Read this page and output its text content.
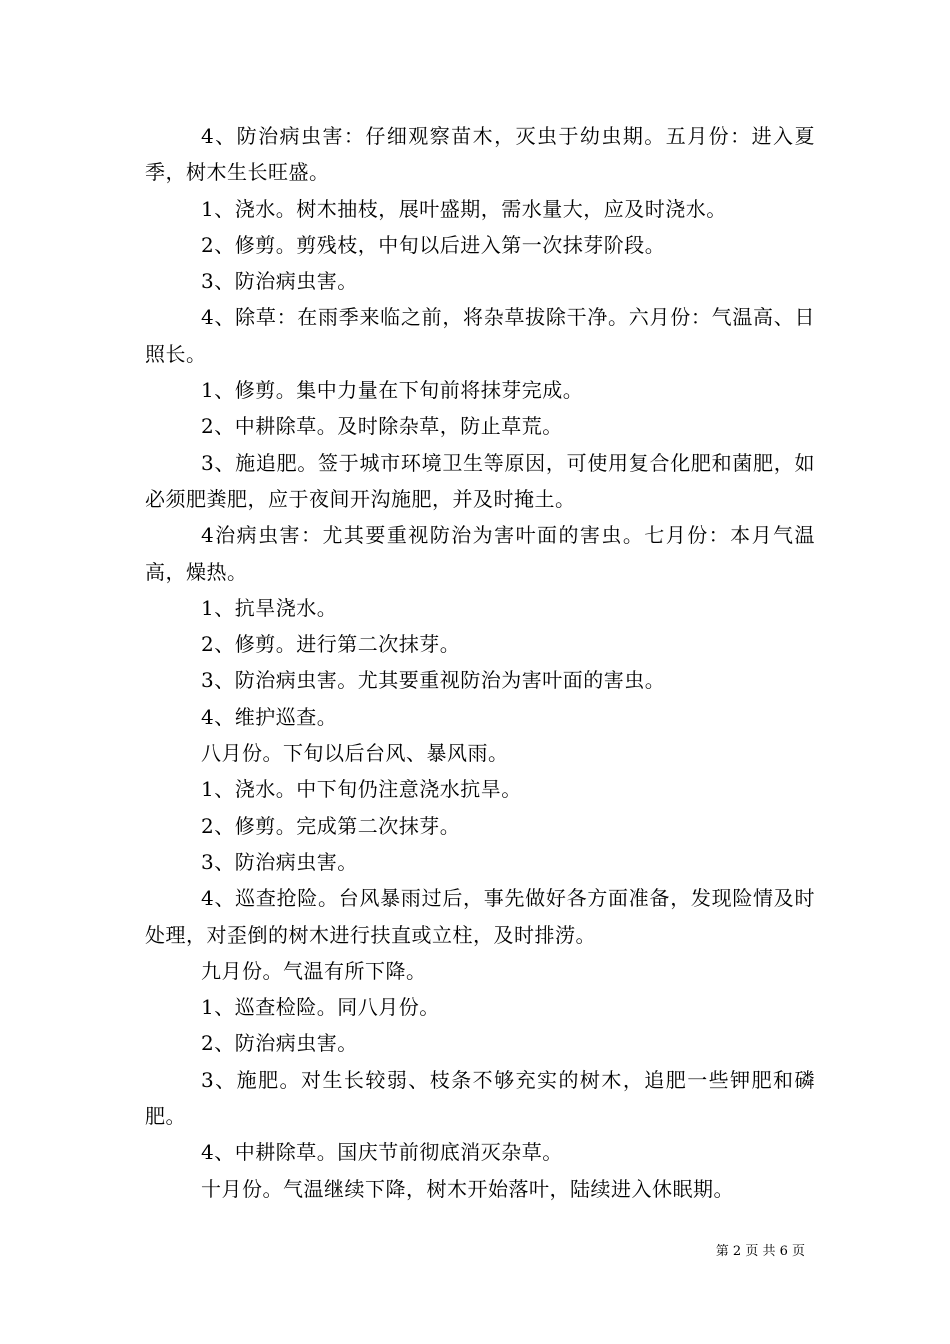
4、防治病虫害：仔细观察苗木，灭虫于幼虫期。五月份：进入夏季，树木生长旺盛。

1、浇水。树木抽枝，展叶盛期，需水量大，应及时浇水。

2、修剪。剪残枝，中旬以后进入第一次抹芽阶段。

3、防治病虫害。

4、除草：在雨季来临之前，将杂草拔除干净。六月份：气温高、日照长。

1、修剪。集中力量在下旬前将抹芽完成。

2、中耕除草。及时除杂草，防止草荒。

3、施追肥。签于城市环境卫生等原因，可使用复合化肥和菌肥，如必须肥粪肥，应于夜间开沟施肥，并及时掩土。

4治病虫害：尤其要重视防治为害叶面的害虫。七月份：本月气温高，燥热。

1、抗旱浇水。

2、修剪。进行第二次抹芽。

3、防治病虫害。尤其要重视防治为害叶面的害虫。

4、维护巡查。

八月份。下旬以后台风、暴风雨。

1、浇水。中下旬仍注意浇水抗旱。

2、修剪。完成第二次抹芽。

3、防治病虫害。

4、巡查抢险。台风暴雨过后，事先做好各方面准备，发现险情及时处理，对歪倒的树木进行扶直或立柱，及时排涝。

九月份。气温有所下降。

1、巡查检险。同八月份。

2、防治病虫害。

3、施肥。对生长较弱、枝条不够充实的树木，追肥一些钾肥和磷肥。

4、中耕除草。国庆节前彻底消灭杂草。

十月份。气温继续下降，树木开始落叶，陆续进入休眠期。

第 2 页 共 6 页
